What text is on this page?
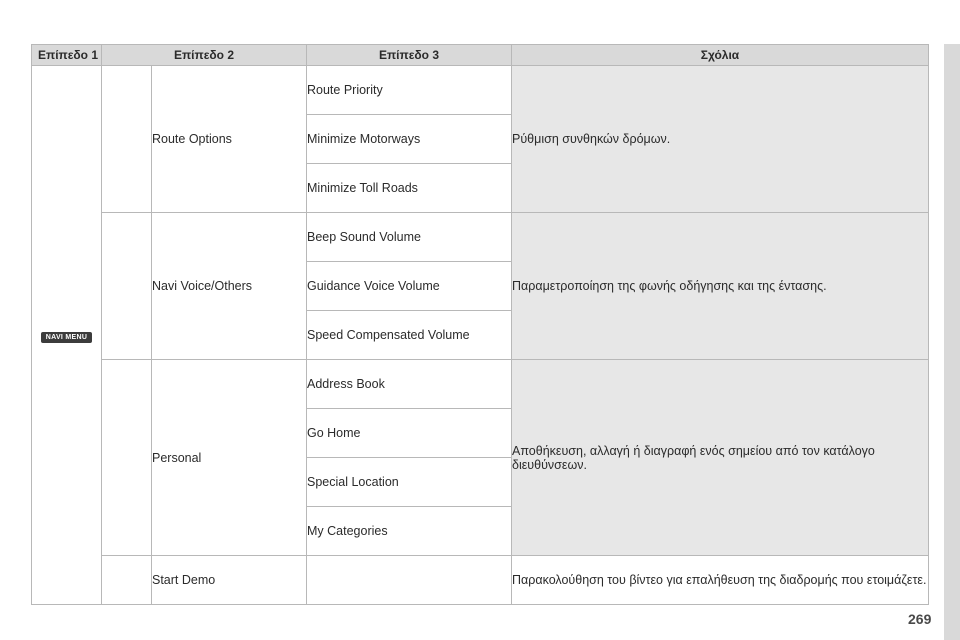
Επίπεδο 1	Επίπεδο 2		Επίπεδο 3	Σχόλια
NAVI MENU		Route Options	Route Priority	Ρύθμιση συνθηκών δρόμων.
			Minimize Motorways	
			Minimize Toll Roads	
		Navi Voice/Others	Beep Sound Volume	Παραμετροποίηση της φωνής οδήγησης και της έντασης.
			Guidance Voice Volume	
			Speed Compensated Volume	
		Personal	Address Book	Αποθήκευση, αλλαγή ή διαγραφή ενός σημείου από τον κατάλογο διευθύνσεων.
			Go Home	
			Special Location	
			My Categories	
		Start Demo		Παρακολούθηση του βίντεο για επαλήθευση της διαδρομής που ετοιμάζετε.
269
